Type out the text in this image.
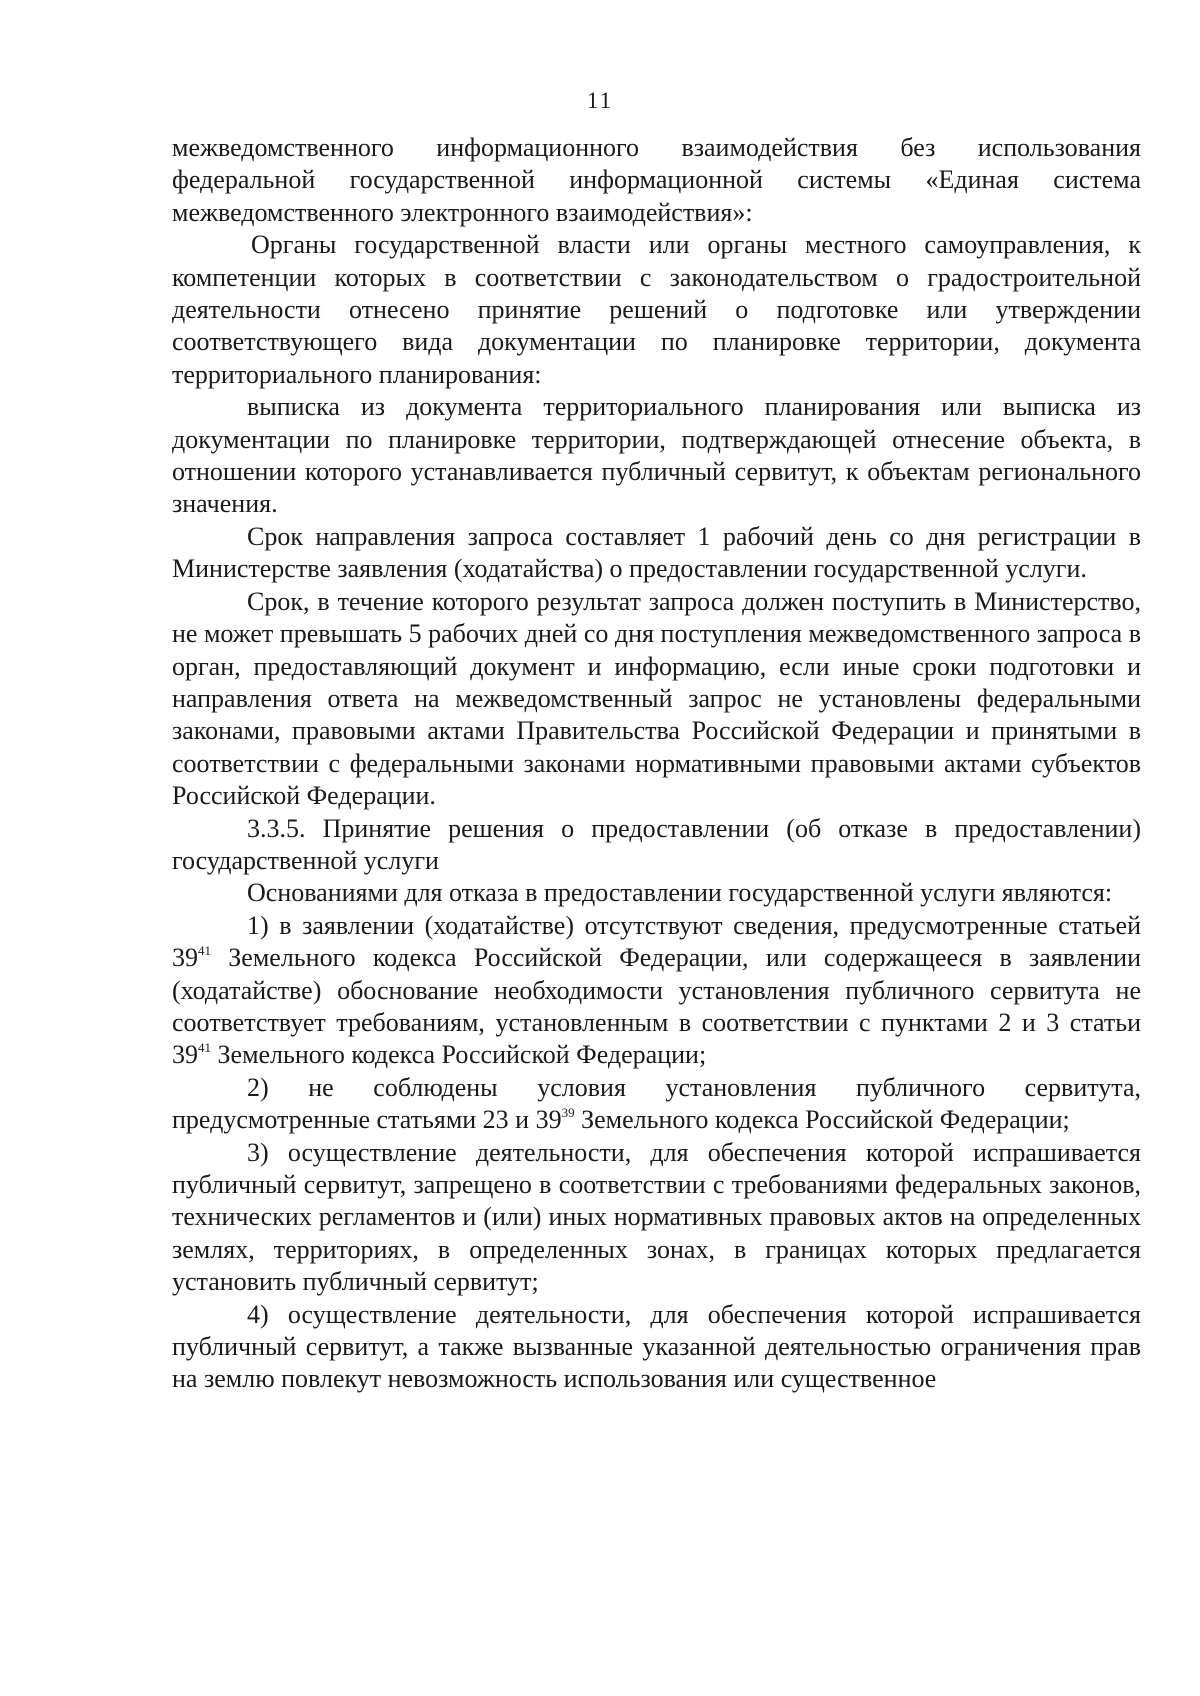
11

межведомственного информационного взаимодействия без использования федеральной государственной информационной системы «Единая система межведомственного электронного взаимодействия»:

Органы государственной власти или органы местного самоуправления, к компетенции которых в соответствии с законодательством о градостроительной деятельности отнесено принятие решений о подготовке или утверждении соответствующего вида документации по планировке территории, документа территориального планирования:

выписка из документа территориального планирования или выписка из документации по планировке территории, подтверждающей отнесение объекта, в отношении которого устанавливается публичный сервитут, к объектам регионального значения.

Срок направления запроса составляет 1 рабочий день со дня регистрации в Министерстве заявления (ходатайства) о предоставлении государственной услуги.

Срок, в течение которого результат запроса должен поступить в Министерство, не может превышать 5 рабочих дней со дня поступления межведомственного запроса в орган, предоставляющий документ и информацию, если иные сроки подготовки и направления ответа на межведомственный запрос не установлены федеральными законами, правовыми актами Правительства Российской Федерации и принятыми в соответствии с федеральными законами нормативными правовыми актами субъектов Российской Федерации.

3.3.5. Принятие решения о предоставлении (об отказе в предоставлении) государственной услуги

Основаниями для отказа в предоставлении государственной услуги являются:

1) в заявлении (ходатайстве) отсутствуют сведения, предусмотренные статьей $39^{41}$ Земельного кодекса Российской Федерации, или содержащееся в заявлении (ходатайстве) обоснование необходимости установления публичного сервитута не соответствует требованиям, установленным в соответствии с пунктами 2 и 3 статьи $39^{41}$ Земельного кодекса Российской Федерации;

2) не соблюдены условия установления публичного сервитута, предусмотренные статьями 23 и $39^{39}$ Земельного кодекса Российской Федерации;

3) осуществление деятельности, для обеспечения которой испрашивается публичный сервитут, запрещено в соответствии с требованиями федеральных законов, технических регламентов и (или) иных нормативных правовых актов на определенных землях, территориях, в определенных зонах, в границах которых предлагается установить публичный сервитут;

4) осуществление деятельности, для обеспечения которой испрашивается публичный сервитут, а также вызванные указанной деятельностью ограничения прав на землю повлекут невозможность использования или существенное
